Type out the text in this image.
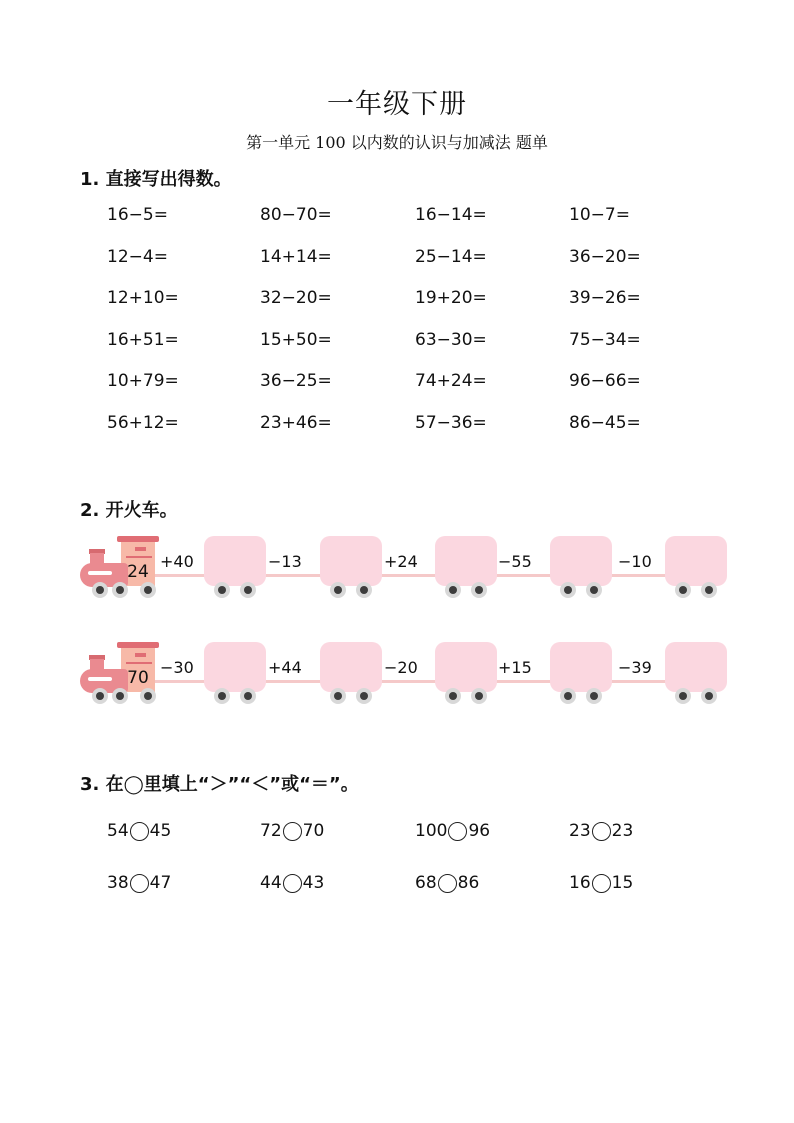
一年级下册
第一单元 100 以内数的认识与加减法 题单
1. 直接写出得数。
16−5=	80−70=	16−14=	10−7=
12−4=	14+14=	25−14=	36−20=
12+10=	32−20=	19+20=	39−26=
16+51=	15+50=	63−30=	75−34=
10+79=	36−25=	74+24=	96−66=
56+12=	23+46=	57−36=	86−45=
2. 开火车。
24
+40	−13	+24	−55	−10
70
−30	+44	−20	+15	−39
3. 在◯里填上“＞”“＜”或“＝”。
54 45	72 70	100 96	23 23
38 47	44 43	68 86	16 15
